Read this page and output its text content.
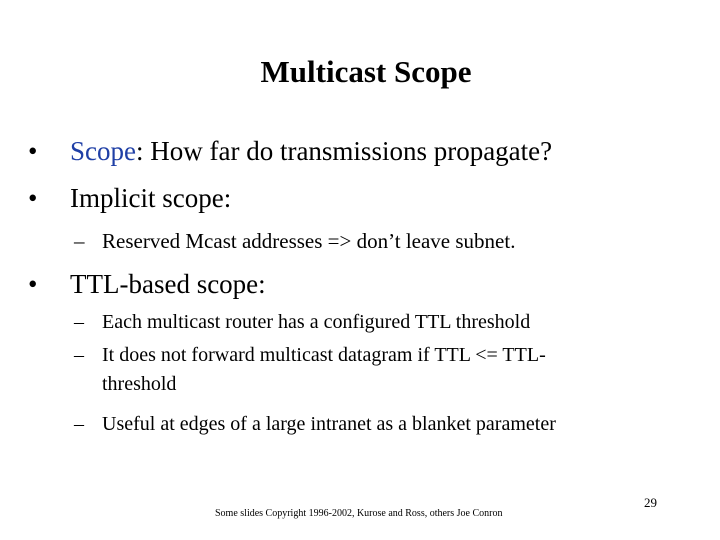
Multicast Scope
• Scope: How far do transmissions propagate?
• Implicit scope:
– Reserved Mcast addresses => don’t leave subnet.
• TTL-based scope:
– Each multicast router has a configured TTL threshold
– It does not forward multicast datagram if TTL <= TTL-
threshold
– Useful at edges of a large intranet as a blanket parameter
Some slides Copyright 1996-2002, Kurose and Ross, others Joe Conron
29
